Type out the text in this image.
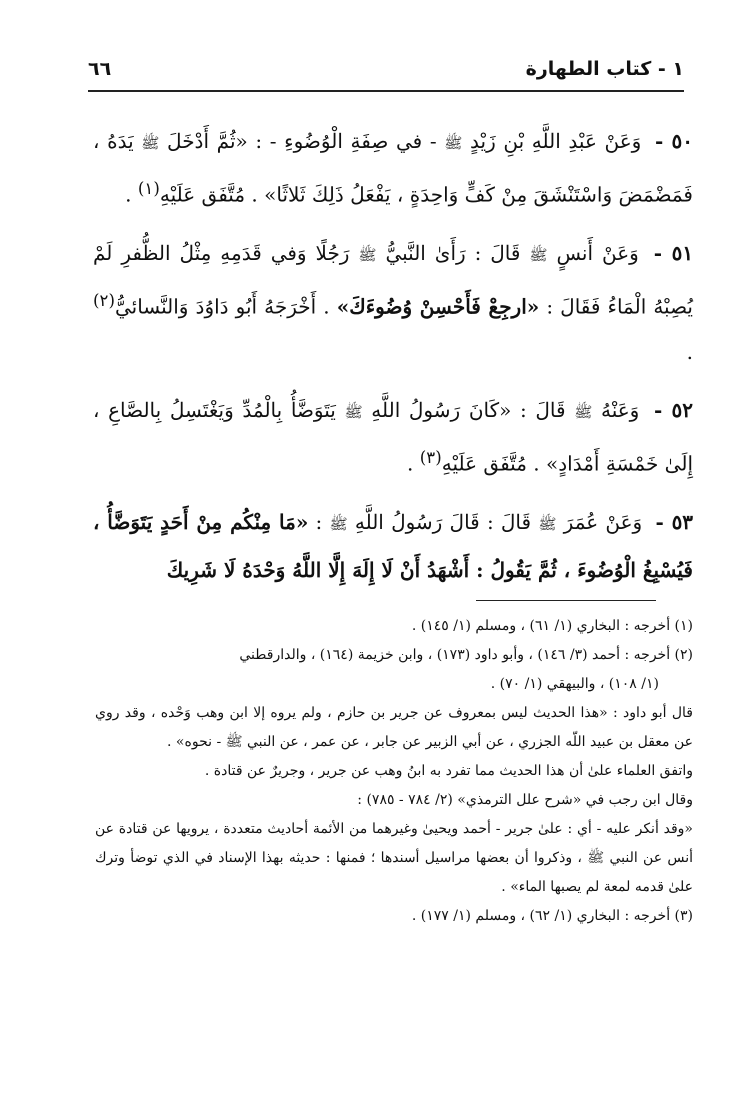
١ - كتاب الطهارة
٦٦

٥٠ - وَعَنْ عَبْدِ اللَّهِ بْنِ زَيْدٍ ﷺ - في صِفَةِ الْوُضُوءِ - : «ثُمَّ أَدْخَلَ ﷺ يَدَهُ ، فَمَضْمَضَ وَاسْتَنْشَقَ مِنْ كَفٍّ وَاحِدَةٍ ، يَفْعَلُ ذَلِكَ ثَلاثًا» . مُتَّفَق عَلَيْهِ$^{(١)}$ .

٥١ - وَعَنْ أَنسٍ ﷺ قَالَ : رَأَىٰ النَّبيُّ ﷺ رَجُلًا وَفي قَدَمِهِ مِثْلُ الظُّفرِ لَمْ يُصِبْهُ الْمَاءُ فَقَالَ : «ارجِعْ فَأَحْسِنْ وُضُوءَكَ» . أَخْرَجَهُ أَبُو دَاوُدَ وَالنَّسائيُّ$^{(٢)}$ .

٥٢ - وَعَنْهُ ﷺ قَالَ : «كَانَ رَسُولُ اللَّهِ ﷺ يَتَوَضَّأُ بِالْمُدِّ وَيَغْتَسِلُ بِالصَّاعِ ، إِلَىٰ خَمْسَةِ أَمْدَادٍ» . مُتَّفَق عَلَيْهِ$^{(٣)}$ .

٥٣ - وَعَنْ عُمَرَ ﷺ قَالَ : قَالَ رَسُولُ اللَّهِ ﷺ : «مَا مِنْكُم مِنْ أَحَدٍ يَتَوَضَّأُ ، فَيُسْبِغُ الْوُضُوءَ ، ثُمَّ يَقُولُ : أَشْهَدُ أَنْ لَا إِلَهَ إِلَّا اللَّهُ وَحْدَهُ لَا شَرِيكَ

(١) أخرجه : البخاري (١/ ٦١) ، ومسلم (١/ ١٤٥) .

(٢) أخرجه : أحمد (٣/ ١٤٦) ، وأبو داود (١٧٣) ، وابن خزيمة (١٦٤) ، والدارقطني

(١/ ١٠٨) ، والبيهقي (١/ ٧٠) .

قال أبو داود : «هذا الحديث ليس بمعروف عن جرير بن حازم ، ولم يروه إلا ابن وهب وَحْده ، وقد روي عن معقل بن عبيد اللّه الجزري ، عن أبي الزبير عن جابر ، عن عمر ، عن النبي ﷺ - نحوه» .

واتفق العلماء علىٰ أن هذا الحديث مما تفرد به ابنُ وهب عن جرير ، وجريرٌ عن قتادة .

وقال ابن رجب في «شرح علل الترمذي» (٢/ ٧٨٤ - ٧٨٥) :

«وقد أنكر عليه - أي : علىٰ جرير - أحمد ويحيىٰ وغيرهما من الأئمة أحاديث متعددة ، يرويها عن قتادة عن أنس عن النبي ﷺ ، وذكروا أن بعضها مراسيل أسندها ؛ فمنها : حديثه بهذا الإسناد في الذي توضأ وترك علىٰ قدمه لمعة لم يصبها الماء» .

(٣) أخرجه : البخاري (١/ ٦٢) ، ومسلم (١/ ١٧٧) .
